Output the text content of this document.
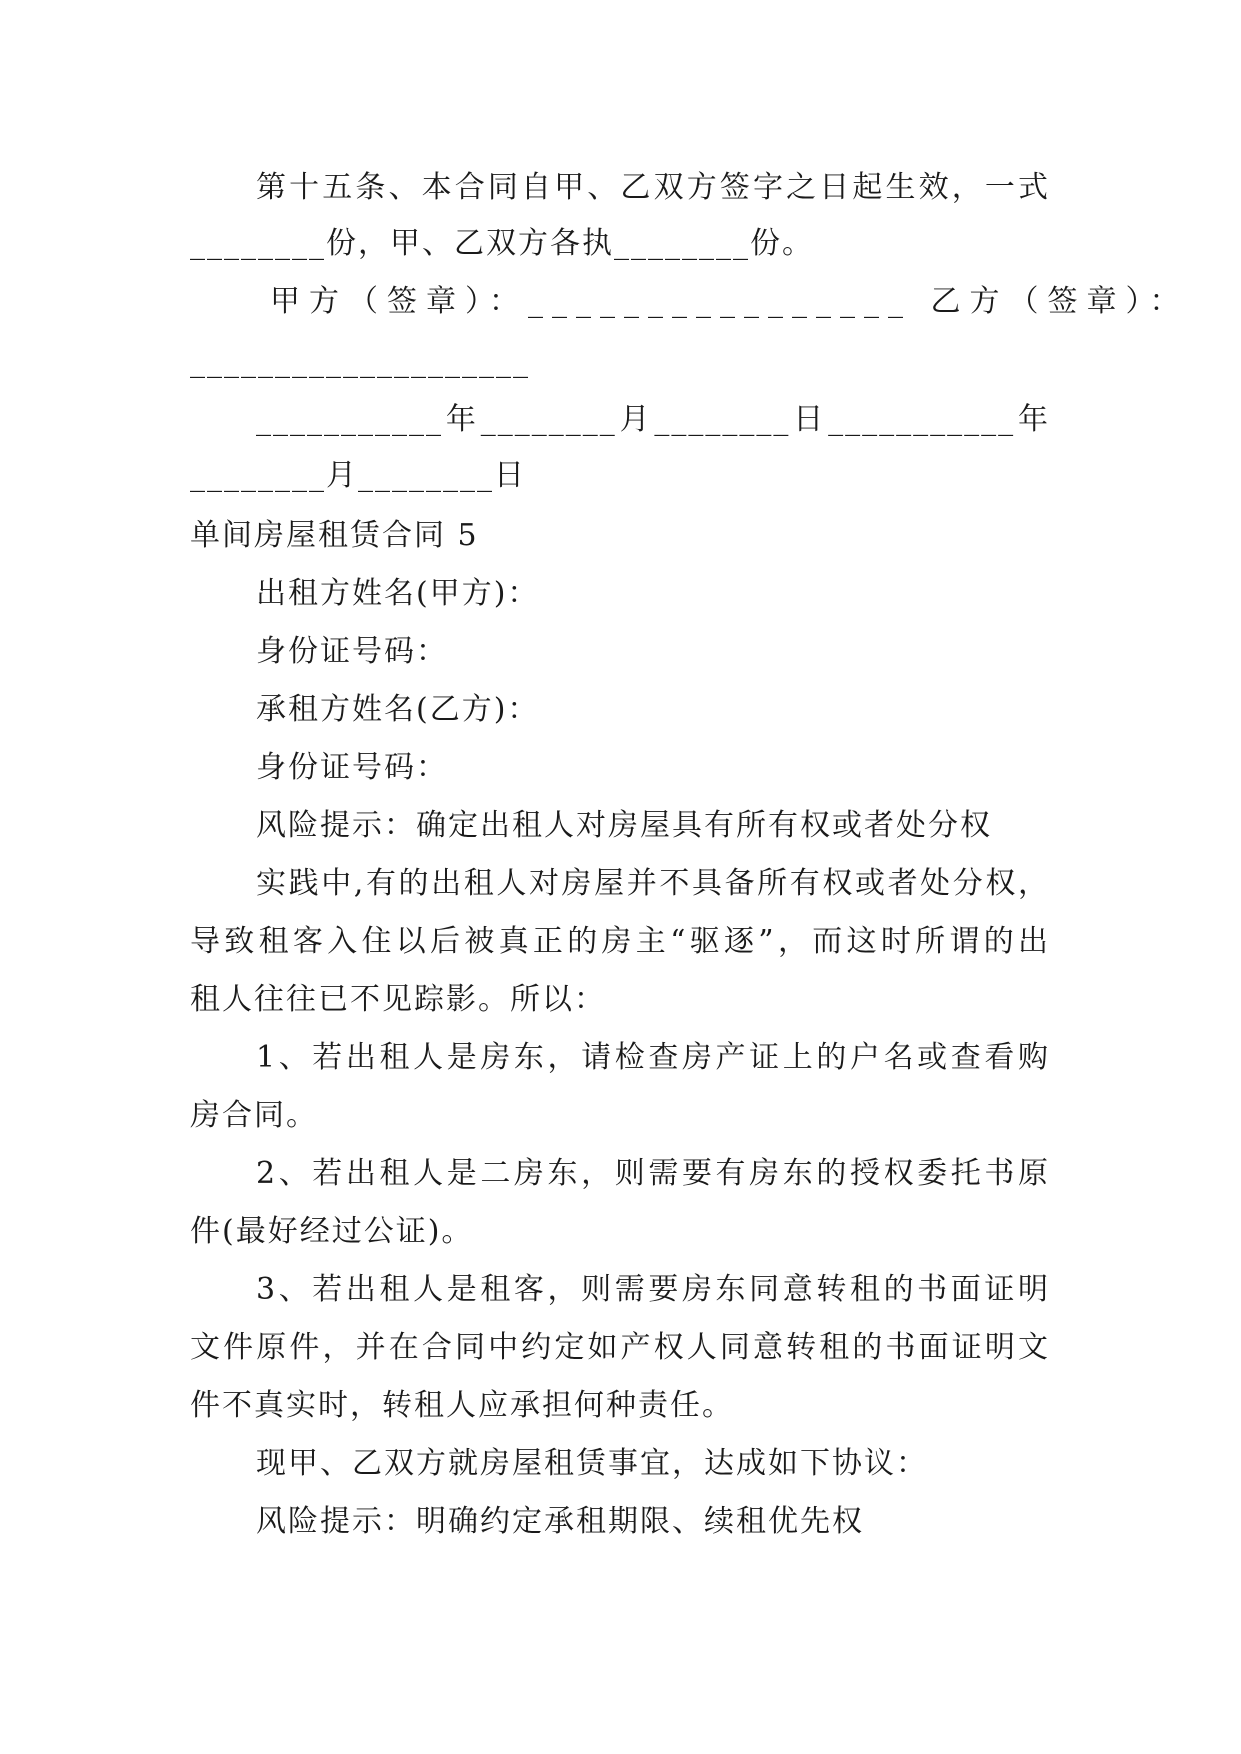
第十五条、本合同自甲、乙双方签字之日起生效，一式
________份，甲、乙双方各执________份。
甲方（签章）：________________ 乙方（签章）：
____________________
___________年________月________日___________年
________月________日
单间房屋租赁合同 5
出租方姓名(甲方)：
身份证号码：
承租方姓名(乙方)：
身份证号码：
风险提示：确定出租人对房屋具有所有权或者处分权
实践中,有的出租人对房屋并不具备所有权或者处分权，
导致租客入住以后被真正的房主“驱逐”，而这时所谓的出
租人往往已不见踪影。所以：
1、若出租人是房东，请检查房产证上的户名或查看购
房合同。
2、若出租人是二房东，则需要有房东的授权委托书原
件(最好经过公证)。
3、若出租人是租客，则需要房东同意转租的书面证明
文件原件，并在合同中约定如产权人同意转租的书面证明文
件不真实时，转租人应承担何种责任。
现甲、乙双方就房屋租赁事宜，达成如下协议：
风险提示：明确约定承租期限、续租优先权
